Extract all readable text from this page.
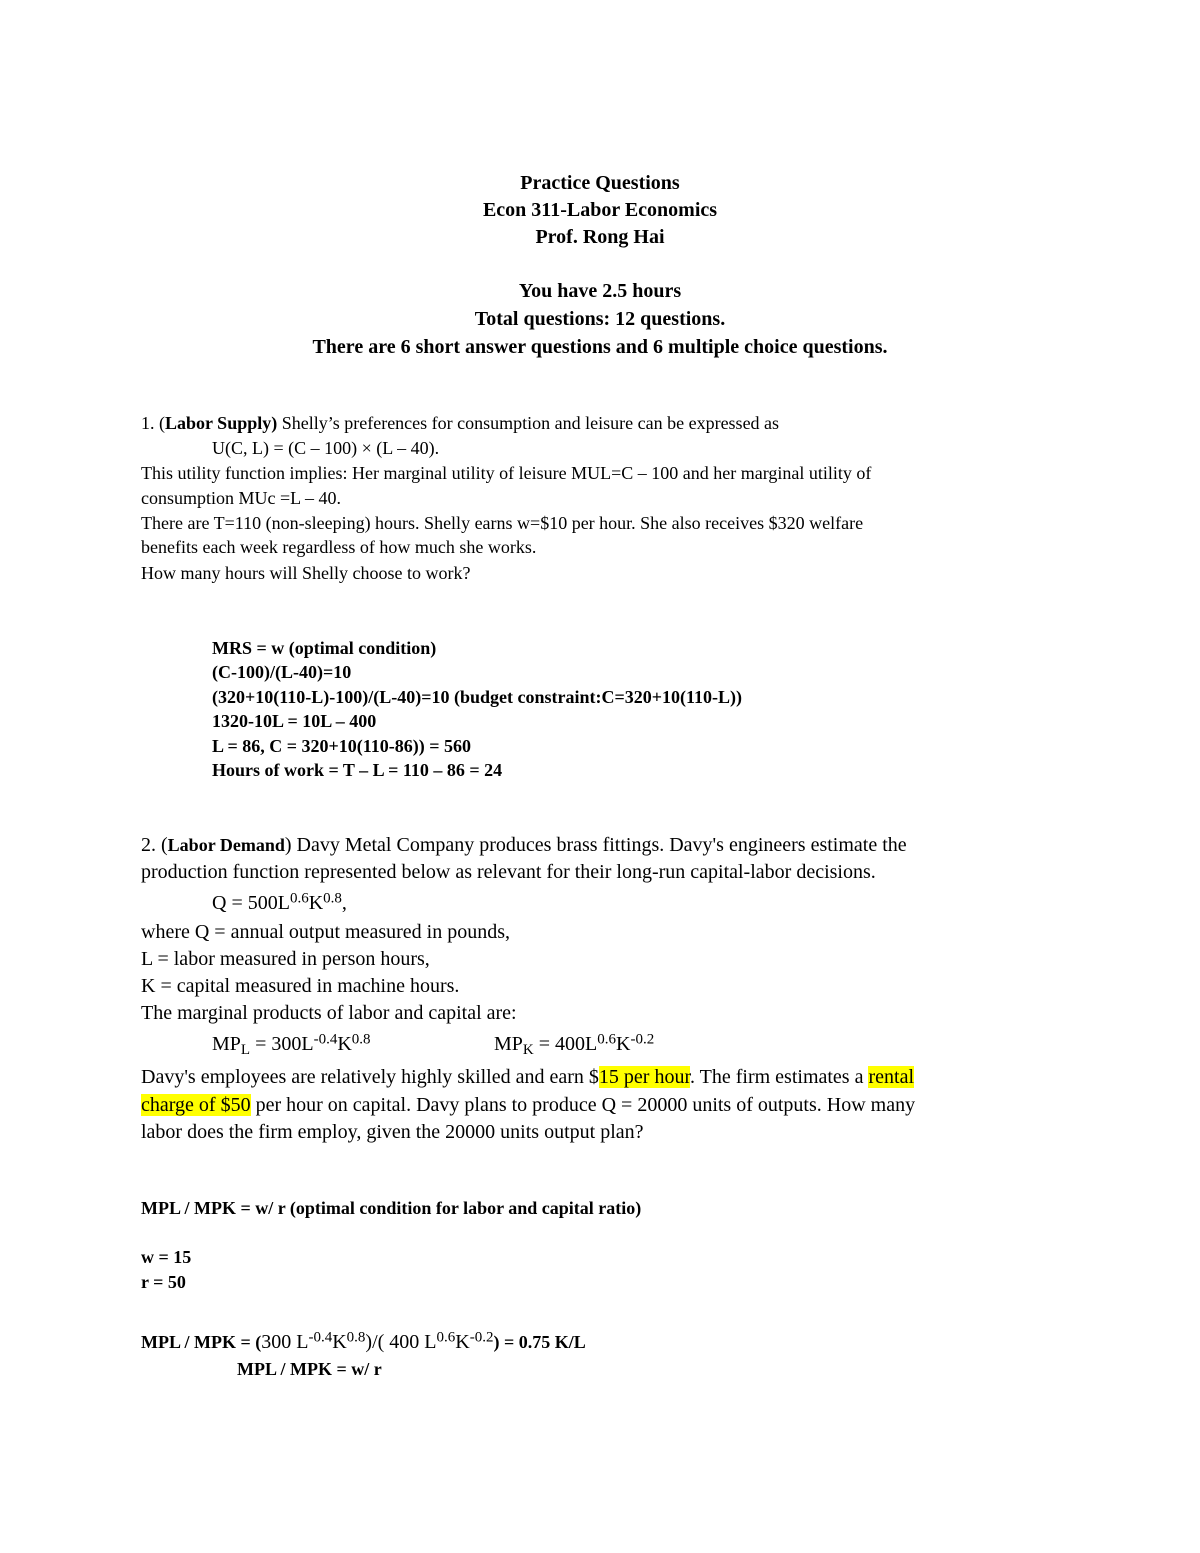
Practice Questions
Econ 311-Labor Economics
Prof. Rong Hai
You have 2.5 hours
Total questions: 12 questions.
There are 6 short answer questions and 6 multiple choice questions.
1. (Labor Supply) Shelly’s preferences for consumption and leisure can be expressed as
U(C, L) = (C – 100) × (L – 40).
This utility function implies: Her marginal utility of leisure MUL=C – 100 and her marginal utility of
consumption MUc =L – 40.
There are T=110 (non-sleeping) hours. Shelly earns w=$10 per hour. She also receives $320 welfare
benefits each week regardless of how much she works.
How many hours will Shelly choose to work?
MRS = w (optimal condition)
(C-100)/(L-40)=10
(320+10(110-L)-100)/(L-40)=10 (budget constraint:C=320+10(110-L))
1320-10L = 10L – 400
L = 86, C = 320+10(110-86)) = 560
Hours of work = T – L = 110 – 86 = 24
2. (Labor Demand) Davy Metal Company produces brass fittings. Davy's engineers estimate the
production function represented below as relevant for their long-run capital-labor decisions.
$Q = 500L^{0.6}K^{0.8}$,
where Q = annual output measured in pounds,
L = labor measured in person hours,
K = capital measured in machine hours.
The marginal products of labor and capital are:
$MP_L = 300L^{-0.4}K^{0.8}$	$MP_K = 400L^{0.6}K^{-0.2}$
Davy's employees are relatively highly skilled and earn $15 per hour. The firm estimates a rental
charge of $50 per hour on capital. Davy plans to produce Q = 20000 units of outputs. How many
labor does the firm employ, given the 20000 units output plan?
MPL / MPK = w/ r (optimal condition for labor and capital ratio)
w = 15
r = 50
MPL / MPK = (300 $L^{-0.4}K^{0.8})/$( 400 $L^{0.6}K^{-0.2}) = 0.75$ K/L
MPL / MPK = w/ r
